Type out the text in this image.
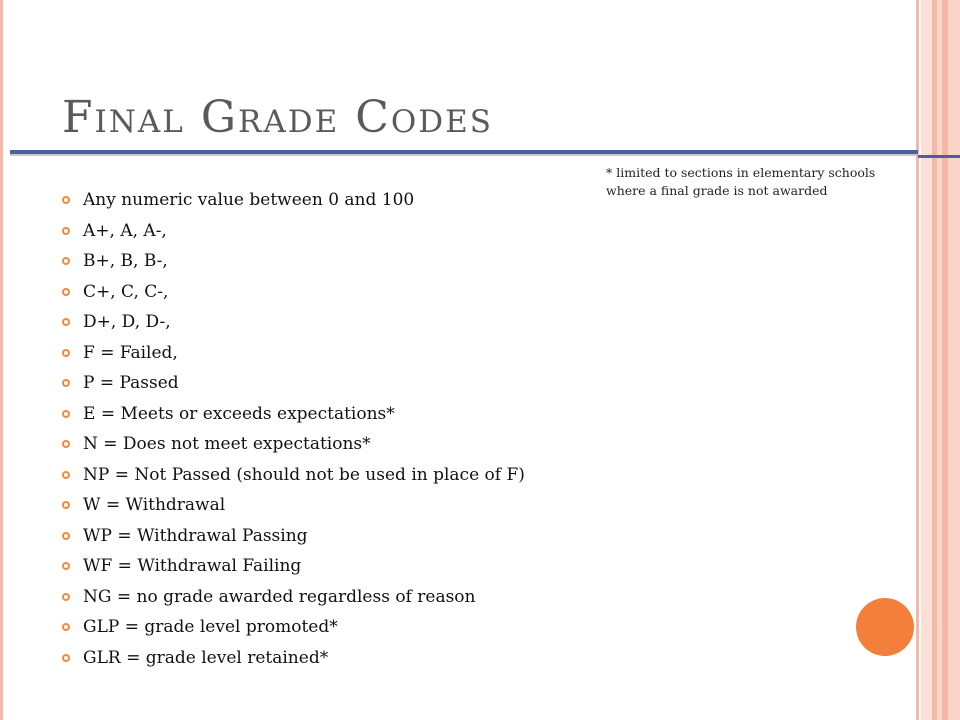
Final Grade Codes

* limited to sections in elementary schools where a final grade is not awarded

Any numeric value between 0 and 100
A+, A, A-,
B+, B, B-,
C+, C, C-,
D+, D, D-,
F = Failed,
P = Passed
E = Meets or exceeds expectations*
N = Does not meet expectations*
NP = Not Passed (should not be used in place of F)
W = Withdrawal
WP = Withdrawal Passing
WF = Withdrawal Failing
NG = no grade awarded regardless of reason
GLP = grade level promoted*
GLR = grade level retained*
